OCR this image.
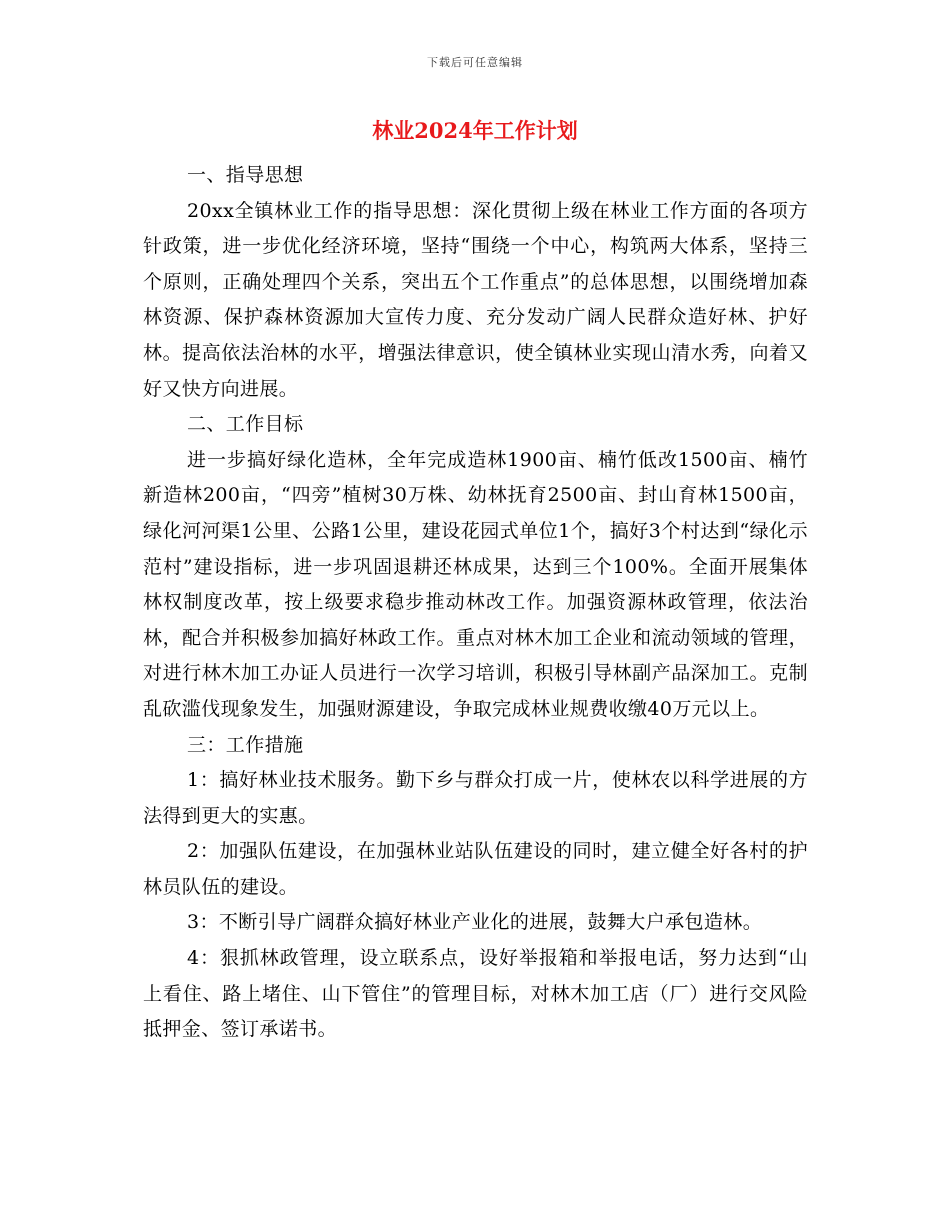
下载后可任意编辑
林业2024年工作计划

一、指导思想

20xx全镇林业工作的指导思想：深化贯彻上级在林业工作方面的各项方针政策，进一步优化经济环境，坚持“围绕一个中心，构筑两大体系，坚持三个原则，正确处理四个关系，突出五个工作重点”的总体思想，以围绕增加森林资源、保护森林资源加大宣传力度、充分发动广阔人民群众造好林、护好林。提高依法治林的水平，增强法律意识，使全镇林业实现山清水秀，向着又好又快方向进展。

二、工作目标

进一步搞好绿化造林，全年完成造林1900亩、楠竹低改1500亩、楠竹新造林200亩，“四旁”植树30万株、幼林抚育2500亩、封山育林1500亩，绿化河河渠1公里、公路1公里，建设花园式单位1个，搞好3个村达到“绿化示范村”建设指标，进一步巩固退耕还林成果，达到三个100%。全面开展集体林权制度改革，按上级要求稳步推动林改工作。加强资源林政管理，依法治林，配合并积极参加搞好林政工作。重点对林木加工企业和流动领域的管理，对进行林木加工办证人员进行一次学习培训，积极引导林副产品深加工。克制乱砍滥伐现象发生，加强财源建设，争取完成林业规费收缴40万元以上。

三：工作措施

1：搞好林业技术服务。勤下乡与群众打成一片，使林农以科学进展的方法得到更大的实惠。

2：加强队伍建设，在加强林业站队伍建设的同时，建立健全好各村的护林员队伍的建设。

3：不断引导广阔群众搞好林业产业化的进展，鼓舞大户承包造林。

4：狠抓林政管理，设立联系点，设好举报箱和举报电话，努力达到“山上看住、路上堵住、山下管住”的管理目标，对林木加工店（厂）进行交风险抵押金、签订承诺书。
